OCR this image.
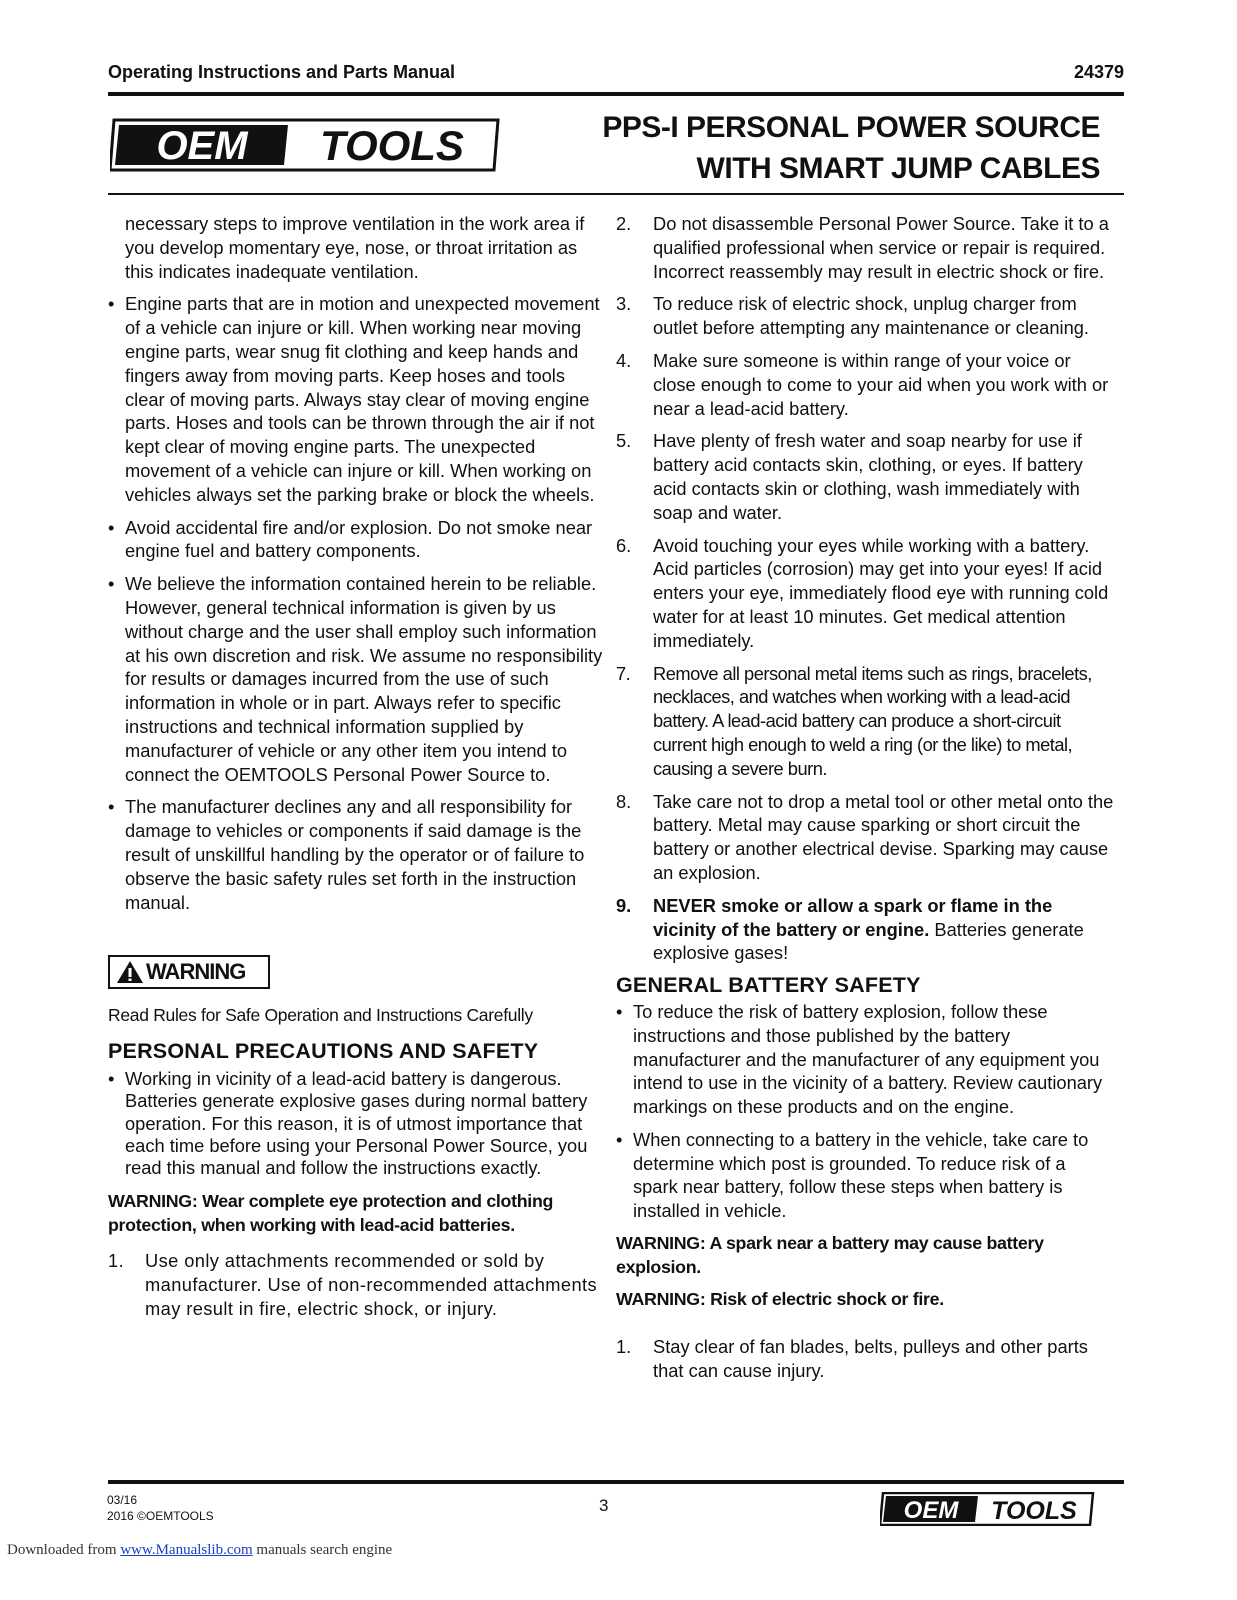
Operating Instructions and Parts Manual	24379
OEM TOOLS	PPS-I PERSONAL POWER SOURCE
WITH SMART JUMP CABLES

necessary steps to improve ventilation in the work area if you develop momentary eye, nose, or throat irritation as this indicates inadequate ventilation.

• Engine parts that are in motion and unexpected movement of a vehicle can injure or kill. When working near moving engine parts, wear snug fit clothing and keep hands and fingers away from moving parts. Keep hoses and tools clear of moving parts. Always stay clear of moving engine parts. Hoses and tools can be thrown through the air if not kept clear of moving engine parts. The unexpected movement of a vehicle can injure or kill. When working on vehicles always set the parking brake or block the wheels.
• Avoid accidental fire and/or explosion. Do not smoke near engine fuel and battery components.
• We believe the information contained herein to be reliable. However, general technical information is given by us without charge and the user shall employ such information at his own discretion and risk. We assume no responsibility for results or damages incurred from the use of such information in whole or in part. Always refer to specific instructions and technical information supplied by manufacturer of vehicle or any other item you intend to connect the OEMTOOLS Personal Power Source to.
• The manufacturer declines any and all responsibility for damage to vehicles or components if said damage is the result of unskillful handling by the operator or of failure to observe the basic safety rules set forth in the instruction manual.
WARNING

Read Rules for Safe Operation and Instructions Carefully

PERSONAL PRECAUTIONS AND SAFETY
• Working in vicinity of a lead-acid battery is dangerous. Batteries generate explosive gases during normal battery operation. For this reason, it is of utmost importance that each time before using your Personal Power Source, you read this manual and follow the instructions exactly.

WARNING: Wear complete eye protection and clothing protection, when working with lead-acid batteries.

1. Use only attachments recommended or sold by manufacturer. Use of non-recommended attachments may result in fire, electric shock, or injury.
2. Do not disassemble Personal Power Source. Take it to a qualified professional when service or repair is required. Incorrect reassembly may result in electric shock or fire.
3. To reduce risk of electric shock, unplug charger from outlet before attempting any maintenance or cleaning.
4. Make sure someone is within range of your voice or close enough to come to your aid when you work with or near a lead-acid battery.
5. Have plenty of fresh water and soap nearby for use if battery acid contacts skin, clothing, or eyes. If battery acid contacts skin or clothing, wash immediately with soap and water.
6. Avoid touching your eyes while working with a battery. Acid particles (corrosion) may get into your eyes! If acid enters your eye, immediately flood eye with running cold water for at least 10 minutes. Get medical attention immediately.
7. Remove all personal metal items such as rings, bracelets, necklaces, and watches when working with a lead-acid battery. A lead-acid battery can produce a short-circuit current high enough to weld a ring (or the like) to metal, causing a severe burn.
8. Take care not to drop a metal tool or other metal onto the battery. Metal may cause sparking or short circuit the battery or another electrical devise. Sparking may cause an explosion.
9. NEVER smoke or allow a spark or flame in the vicinity of the battery or engine. Batteries generate explosive gases!
GENERAL BATTERY SAFETY
• To reduce the risk of battery explosion, follow these instructions and those published by the battery manufacturer and the manufacturer of any equipment you intend to use in the vicinity of a battery. Review cautionary markings on these products and on the engine.
• When connecting to a battery in the vehicle, take care to determine which post is grounded. To reduce risk of a spark near battery, follow these steps when battery is installed in vehicle.

WARNING: A spark near a battery may cause battery explosion.

WARNING: Risk of electric shock or fire.

1. Stay clear of fan blades, belts, pulleys and other parts that can cause injury.
03/16
2016 ©OEMTOOLS
3	OEM TOOLS
Downloaded from www.Manualslib.com manuals search engine
